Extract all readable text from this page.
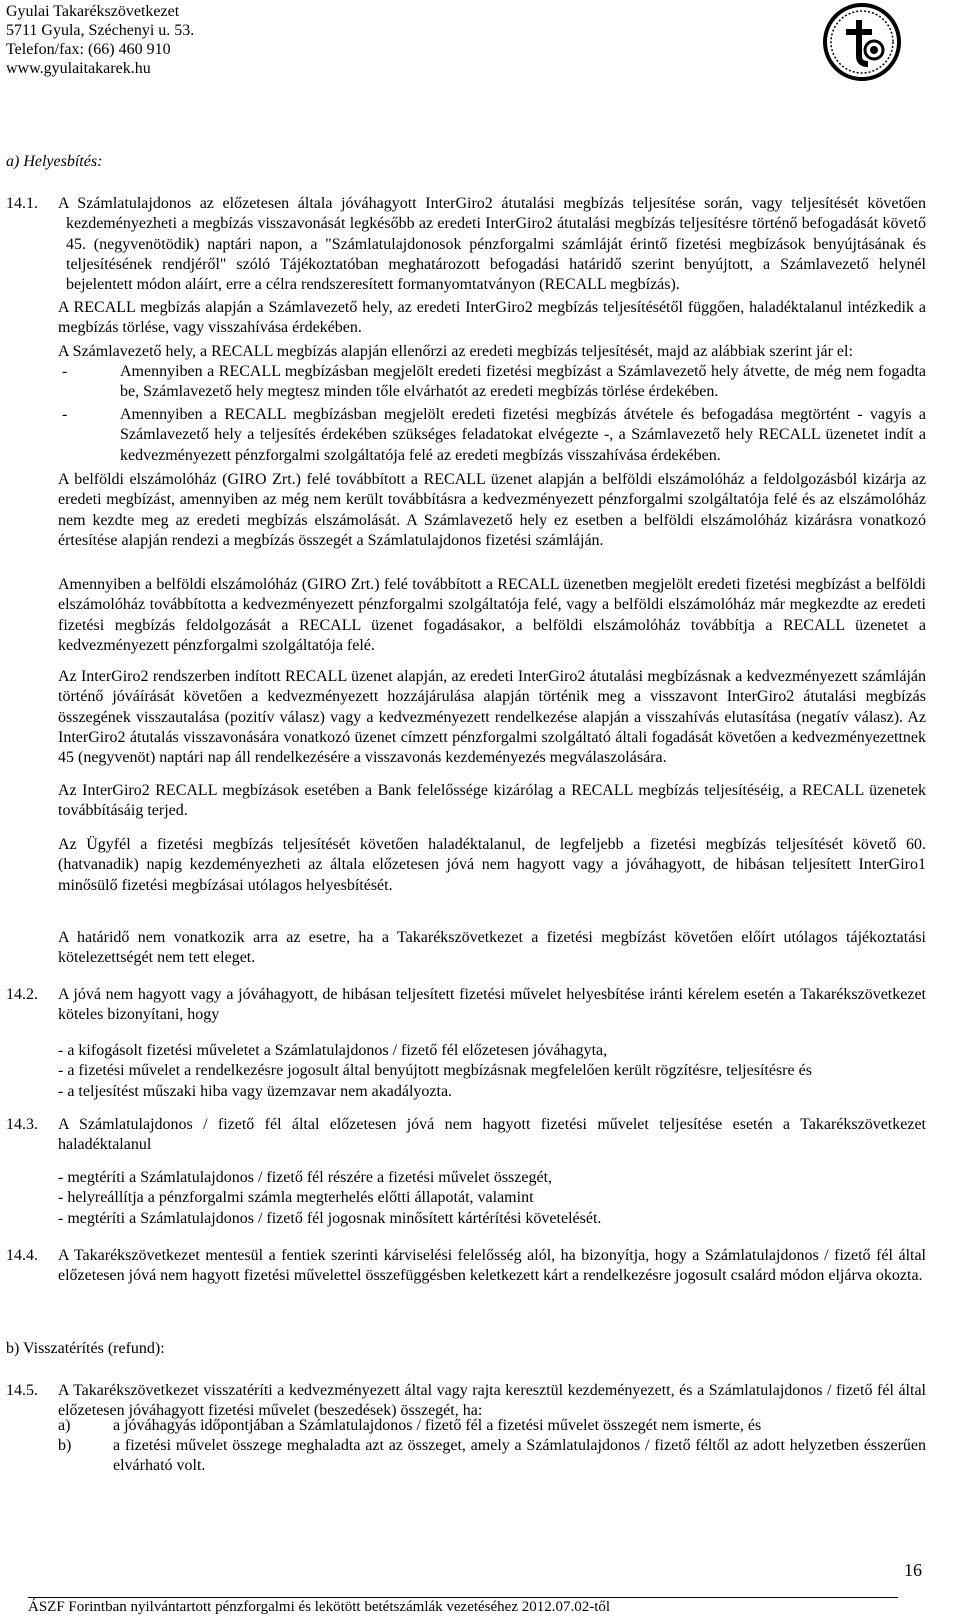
Gyulai Takarékszövetkezet
5711 Gyula, Széchenyi u. 53.
Telefon/fax: (66) 460 910
www.gyulaitakarek.hu
a) Helyesbítés:
14.1. A Számlatulajdonos az előzetesen általa jóváhagyott InterGiro2 átutalási megbízás teljesítése során, vagy teljesítését követően kezdeményezheti a megbízás visszavonását legkésőbb az eredeti InterGiro2 átutalási megbízás teljesítésre történő befogadását követő 45. (negyvenötödik) naptári napon, a "Számlatulajdonosok pénzforgalmi számláját érintő fizetési megbízások benyújtásának és teljesítésének rendjéről" szóló Tájékoztatóban meghatározott befogadási határidő szerint benyújtott, a Számlavezető helynél bejelentett módon aláírt, erre a célra rendszeresített formanyomtatványon (RECALL megbízás).
A RECALL megbízás alapján a Számlavezető hely, az eredeti InterGiro2 megbízás teljesítésétől függően, haladéktalanul intézkedik a megbízás törlése, vagy visszahívása érdekében.
A Számlavezető hely, a RECALL megbízás alapján ellenőrzi az eredeti megbízás teljesítését, majd az alábbiak szerint jár el:
-	Amennyiben a RECALL megbízásban megjelölt eredeti fizetési megbízást a Számlavezető hely átvette, de még nem fogadta be, Számlavezető hely megtesz minden tőle elvárhatót az eredeti megbízás törlése érdekében.
-	Amennyiben a RECALL megbízásban megjelölt eredeti fizetési megbízás átvétele és befogadása megtörtént - vagyis a Számlavezető hely a teljesítés érdekében szükséges feladatokat elvégezte -, a Számlavezető hely RECALL üzenetet indít a kedvezményezett pénzforgalmi szolgáltatója felé az eredeti megbízás visszahívása érdekében.
A belföldi elszámolóház (GIRO Zrt.) felé továbbított a RECALL üzenet alapján a belföldi elszámolóház a feldolgozásból kizárja az eredeti megbízást, amennyiben az még nem került továbbításra a kedvezményezett pénzforgalmi szolgáltatója felé és az elszámolóház nem kezdte meg az eredeti megbízás elszámolását. A Számlavezető hely ez esetben a belföldi elszámolóház kizárásra vonatkozó értesítése alapján rendezi a megbízás összegét a Számlatulajdonos fizetési számláján.
Amennyiben a belföldi elszámolóház (GIRO Zrt.) felé továbbított a RECALL üzenetben megjelölt eredeti fizetési megbízást a belföldi elszámolóház továbbította a kedvezményezett pénzforgalmi szolgáltatója felé, vagy a belföldi elszámolóház már megkezdte az eredeti fizetési megbízás feldolgozását a RECALL üzenet fogadásakor, a belföldi elszámolóház továbbítja a RECALL üzenetet a kedvezményezett pénzforgalmi szolgáltatója felé.
Az InterGiro2 rendszerben indított RECALL üzenet alapján, az eredeti InterGiro2 átutalási megbízásnak a kedvezményezett számláján történő jóváírását követően a kedvezményezett hozzájárulása alapján történik meg a visszavont InterGiro2 átutalási megbízás összegének visszautalása (pozitív válasz) vagy a kedvezményezett rendelkezése alapján a visszahívás elutasítása (negatív válasz). Az InterGiro2 átutalás visszavonására vonatkozó üzenet címzett pénzforgalmi szolgáltató általi fogadását követően a kedvezményezettnek 45 (negyvenöt) naptári nap áll rendelkezésére a visszavonás kezdeményezés megválaszolására.
Az InterGiro2 RECALL megbízások esetében a Bank felelőssége kizárólag a RECALL megbízás teljesítéséig, a RECALL üzenetek továbbításáig terjed.
Az Ügyfél a fizetési megbízás teljesítését követően haladéktalanul, de legfeljebb a fizetési megbízás teljesítését követő 60. (hatvanadik) napig kezdeményezheti az általa előzetesen jóvá nem hagyott vagy a jóváhagyott, de hibásan teljesített InterGiro1 minősülő fizetési megbízásai utólagos helyesbítését.
A határidő nem vonatkozik arra az esetre, ha a Takarékszövetkezet a fizetési megbízást követően előírt utólagos tájékoztatási kötelezettségét nem tett eleget.
14.2. A jóvá nem hagyott vagy a jóváhagyott, de hibásan teljesített fizetési művelet helyesbítése iránti kérelem esetén a Takarékszövetkezet köteles bizonyítani, hogy
- a kifogásolt fizetési műveletet a Számlatulajdonos / fizető fél előzetesen jóváhagyta,
- a fizetési művelet a rendelkezésre jogosult által benyújtott megbízásnak megfelelően került rögzítésre, teljesítésre és
- a teljesítést műszaki hiba vagy üzemzavar nem akadályozta.
14.3. A Számlatulajdonos / fizető fél által előzetesen jóvá nem hagyott fizetési művelet teljesítése esetén a Takarékszövetkezet haladéktalanul
- megtéríti a Számlatulajdonos / fizető fél részére a fizetési művelet összegét,
- helyreállítja a pénzforgalmi számla megterhelés előtti állapotát, valamint
- megtéríti a Számlatulajdonos / fizető fél jogosnak minősített kártérítési követelését.
14.4. A Takarékszövetkezet mentesül a fentiek szerinti kárviselési felelősség alól, ha bizonyítja, hogy a Számlatulajdonos / fizető fél által előzetesen jóvá nem hagyott fizetési művelettel összefüggésben keletkezett kárt a rendelkezésre jogosult csalárd módon eljárva okozta.
b) Visszatérítés (refund):
14.5. A Takarékszövetkezet visszatéríti a kedvezményezett által vagy rajta keresztül kezdeményezett, és a Számlatulajdonos / fizető fél által előzetesen jóváhagyott fizetési művelet (beszedések) összegét, ha:
a)	a jóváhagyás időpontjában a Számlatulajdonos / fizető fél a fizetési művelet összegét nem ismerte, és
b)	a fizetési művelet összege meghaladta azt az összeget, amely a Számlatulajdonos / fizető féltől az adott helyzetben ésszerűen elvárható volt.
16
ÁSZF Forintban nyilvántartott pénzforgalmi és lekötött betétszámlák vezetéséhez 2012.07.02-től
